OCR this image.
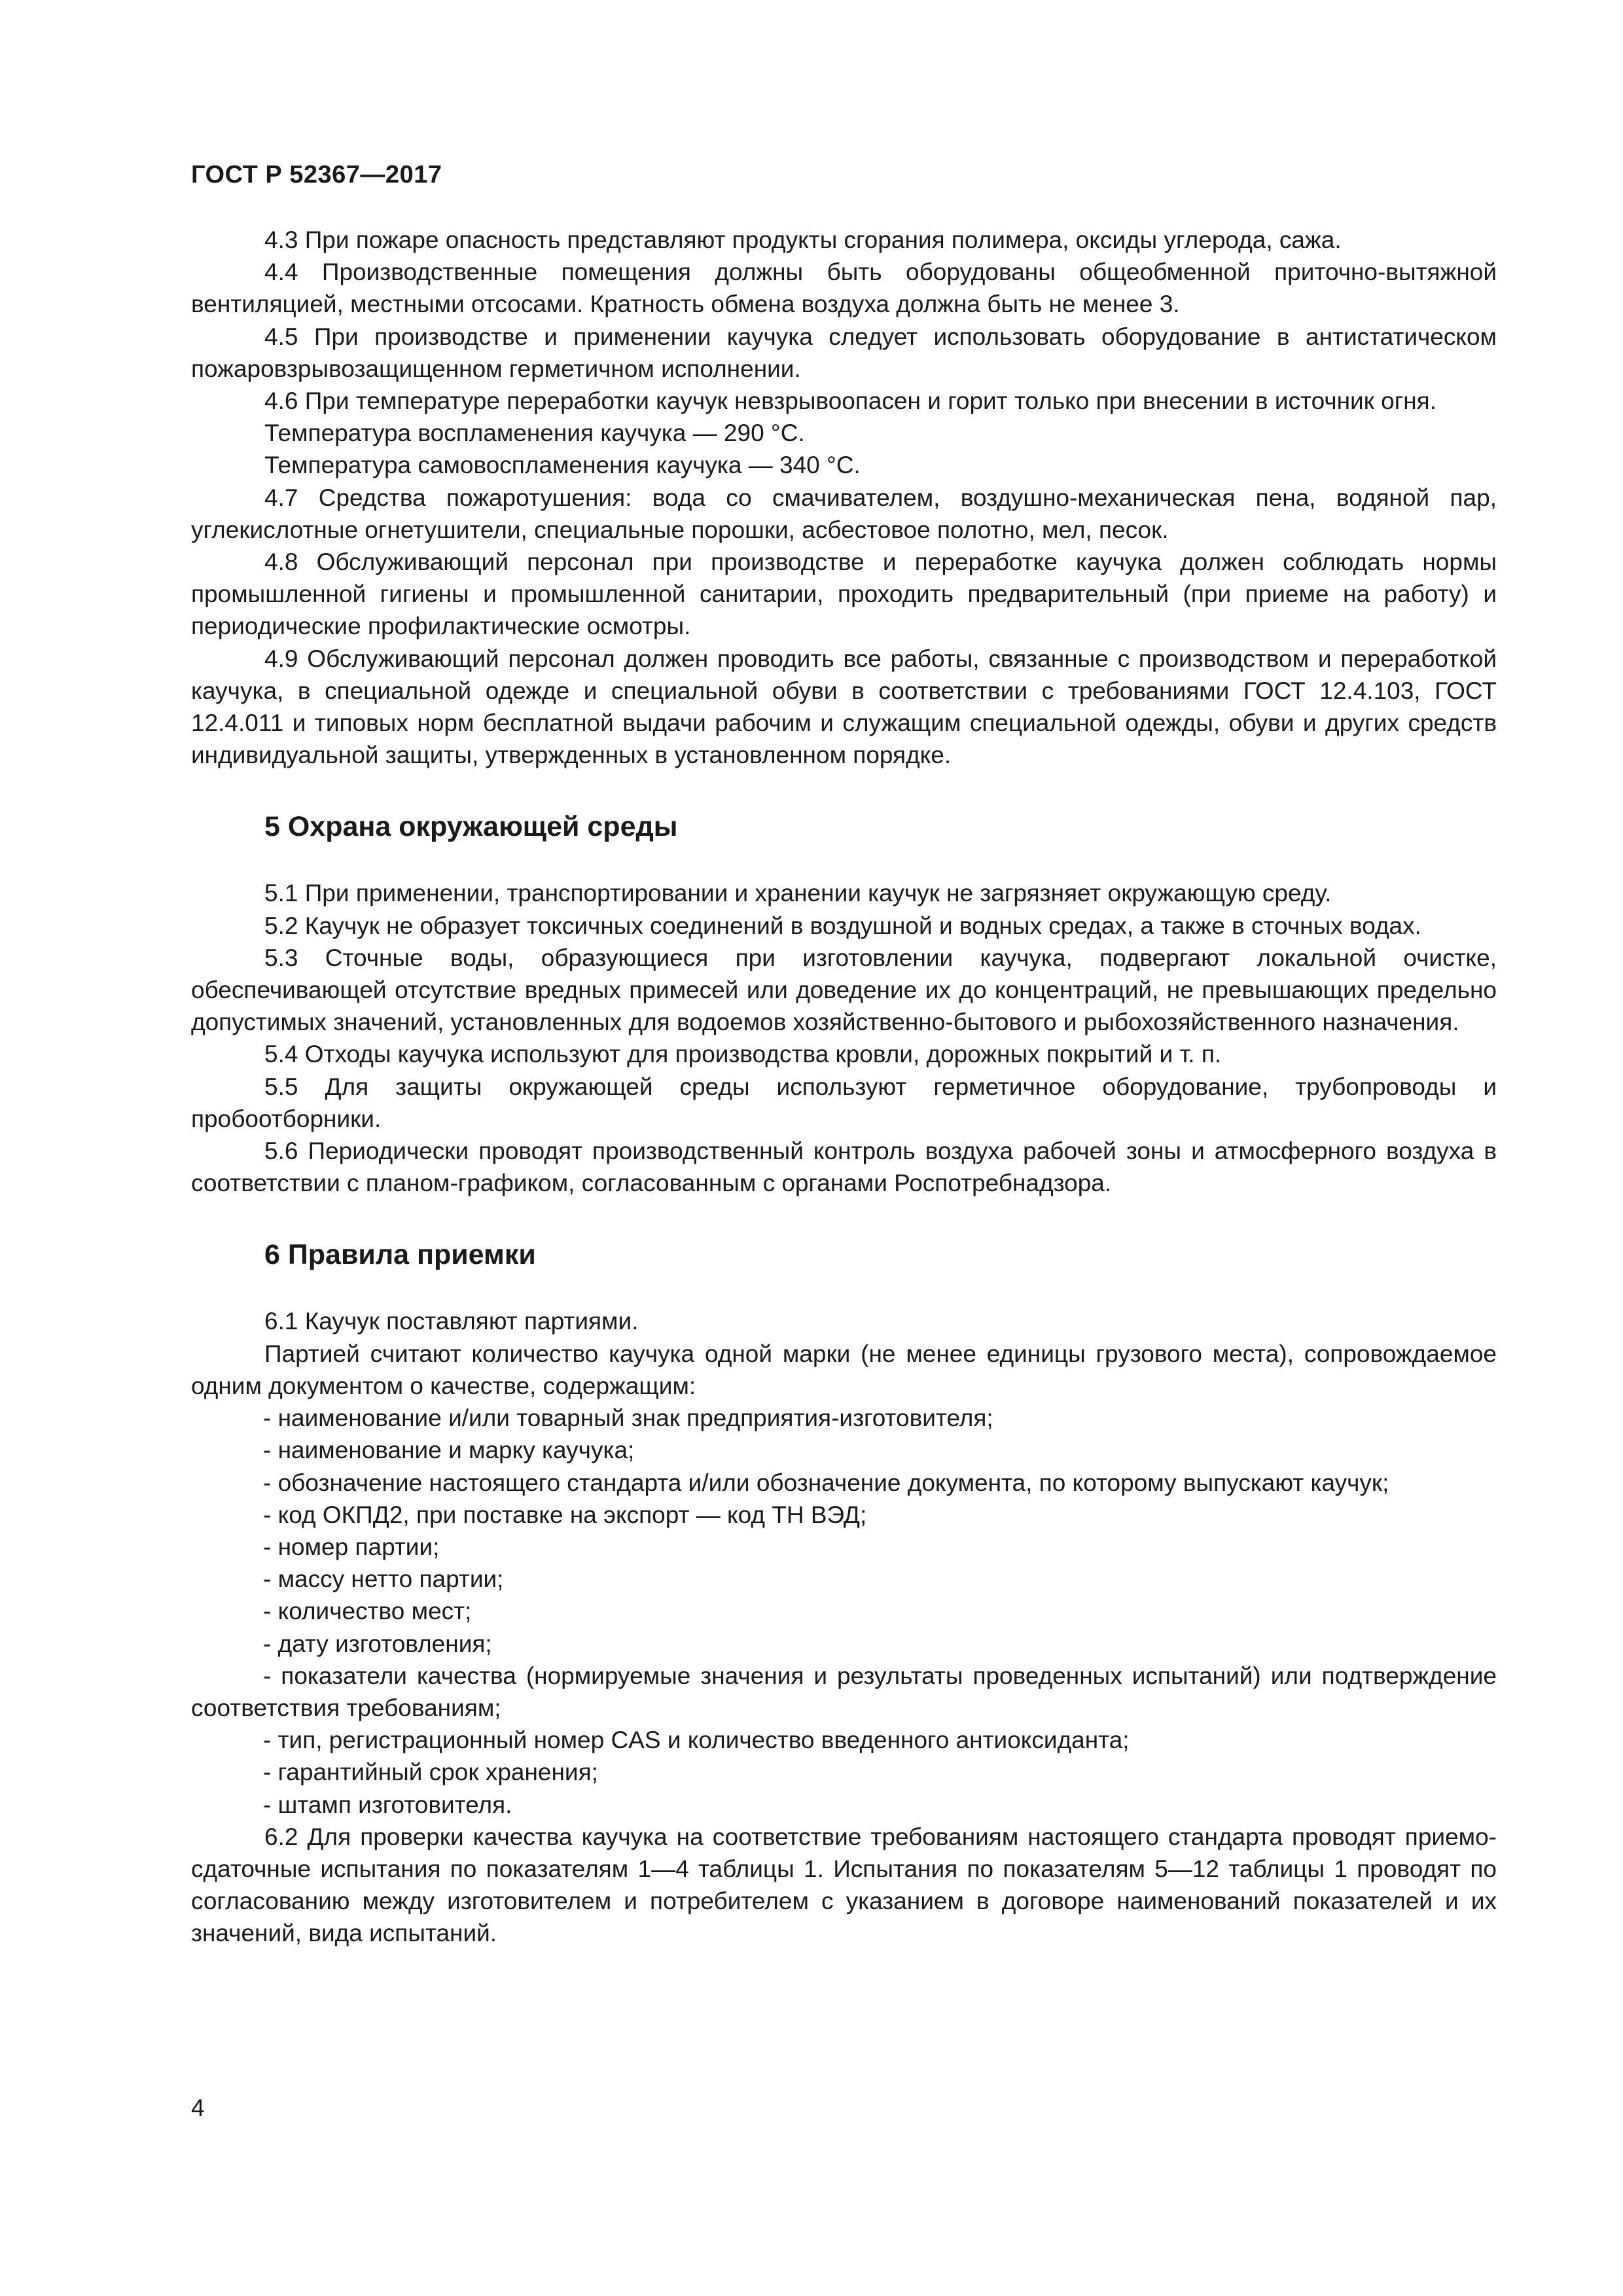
ГОСТ Р 52367—2017

4.3 При пожаре опасность представляют продукты сгорания полимера, оксиды углерода, сажа.

4.4 Производственные помещения должны быть оборудованы общеобменной приточно-вытяжной вентиляцией, местными отсосами. Кратность обмена воздуха должна быть не менее 3.

4.5 При производстве и применении каучука следует использовать оборудование в антистатическом пожаровзрывозащищенном герметичном исполнении.

4.6 При температуре переработки каучук невзрывоопасен и горит только при внесении в источник огня.

Температура воспламенения каучука — 290 °С.

Температура самовоспламенения каучука — 340 °С.

4.7 Средства пожаротушения: вода со смачивателем, воздушно-механическая пена, водяной пар, углекислотные огнетушители, специальные порошки, асбестовое полотно, мел, песок.

4.8 Обслуживающий персонал при производстве и переработке каучука должен соблюдать нормы промышленной гигиены и промышленной санитарии, проходить предварительный (при приеме на работу) и периодические профилактические осмотры.

4.9 Обслуживающий персонал должен проводить все работы, связанные с производством и переработкой каучука, в специальной одежде и специальной обуви в соответствии с требованиями ГОСТ 12.4.103, ГОСТ 12.4.011 и типовых норм бесплатной выдачи рабочим и служащим специальной одежды, обуви и других средств индивидуальной защиты, утвержденных в установленном порядке.

5 Охрана окружающей среды

5.1 При применении, транспортировании и хранении каучук не загрязняет окружающую среду.

5.2 Каучук не образует токсичных соединений в воздушной и водных средах, а также в сточных водах.

5.3 Сточные воды, образующиеся при изготовлении каучука, подвергают локальной очистке, обеспечивающей отсутствие вредных примесей или доведение их до концентраций, не превышающих предельно допустимых значений, установленных для водоемов хозяйственно-бытового и рыбохозяйственного назначения.

5.4 Отходы каучука используют для производства кровли, дорожных покрытий и т. п.

5.5 Для защиты окружающей среды используют герметичное оборудование, трубопроводы и пробоотборники.

5.6 Периодически проводят производственный контроль воздуха рабочей зоны и атмосферного воздуха в соответствии с планом-графиком, согласованным с органами Роспотребнадзора.

6 Правила приемки

6.1 Каучук поставляют партиями.

Партией считают количество каучука одной марки (не менее единицы грузового места), сопровождаемое одним документом о качестве, содержащим:

- наименование и/или товарный знак предприятия-изготовителя;

- наименование и марку каучука;

- обозначение настоящего стандарта и/или обозначение документа, по которому выпускают каучук;

- код ОКПД2, при поставке на экспорт — код ТН ВЭД;

- номер партии;

- массу нетто партии;

- количество мест;

- дату изготовления;

- показатели качества (нормируемые значения и результаты проведенных испытаний) или подтверждение соответствия требованиям;

- тип, регистрационный номер CAS и количество введенного антиоксиданта;

- гарантийный срок хранения;

- штамп изготовителя.

6.2 Для проверки качества каучука на соответствие требованиям настоящего стандарта проводят приемо-сдаточные испытания по показателям 1—4 таблицы 1. Испытания по показателям 5—12 таблицы 1 проводят по согласованию между изготовителем и потребителем с указанием в договоре наименований показателей и их значений, вида испытаний.

4
